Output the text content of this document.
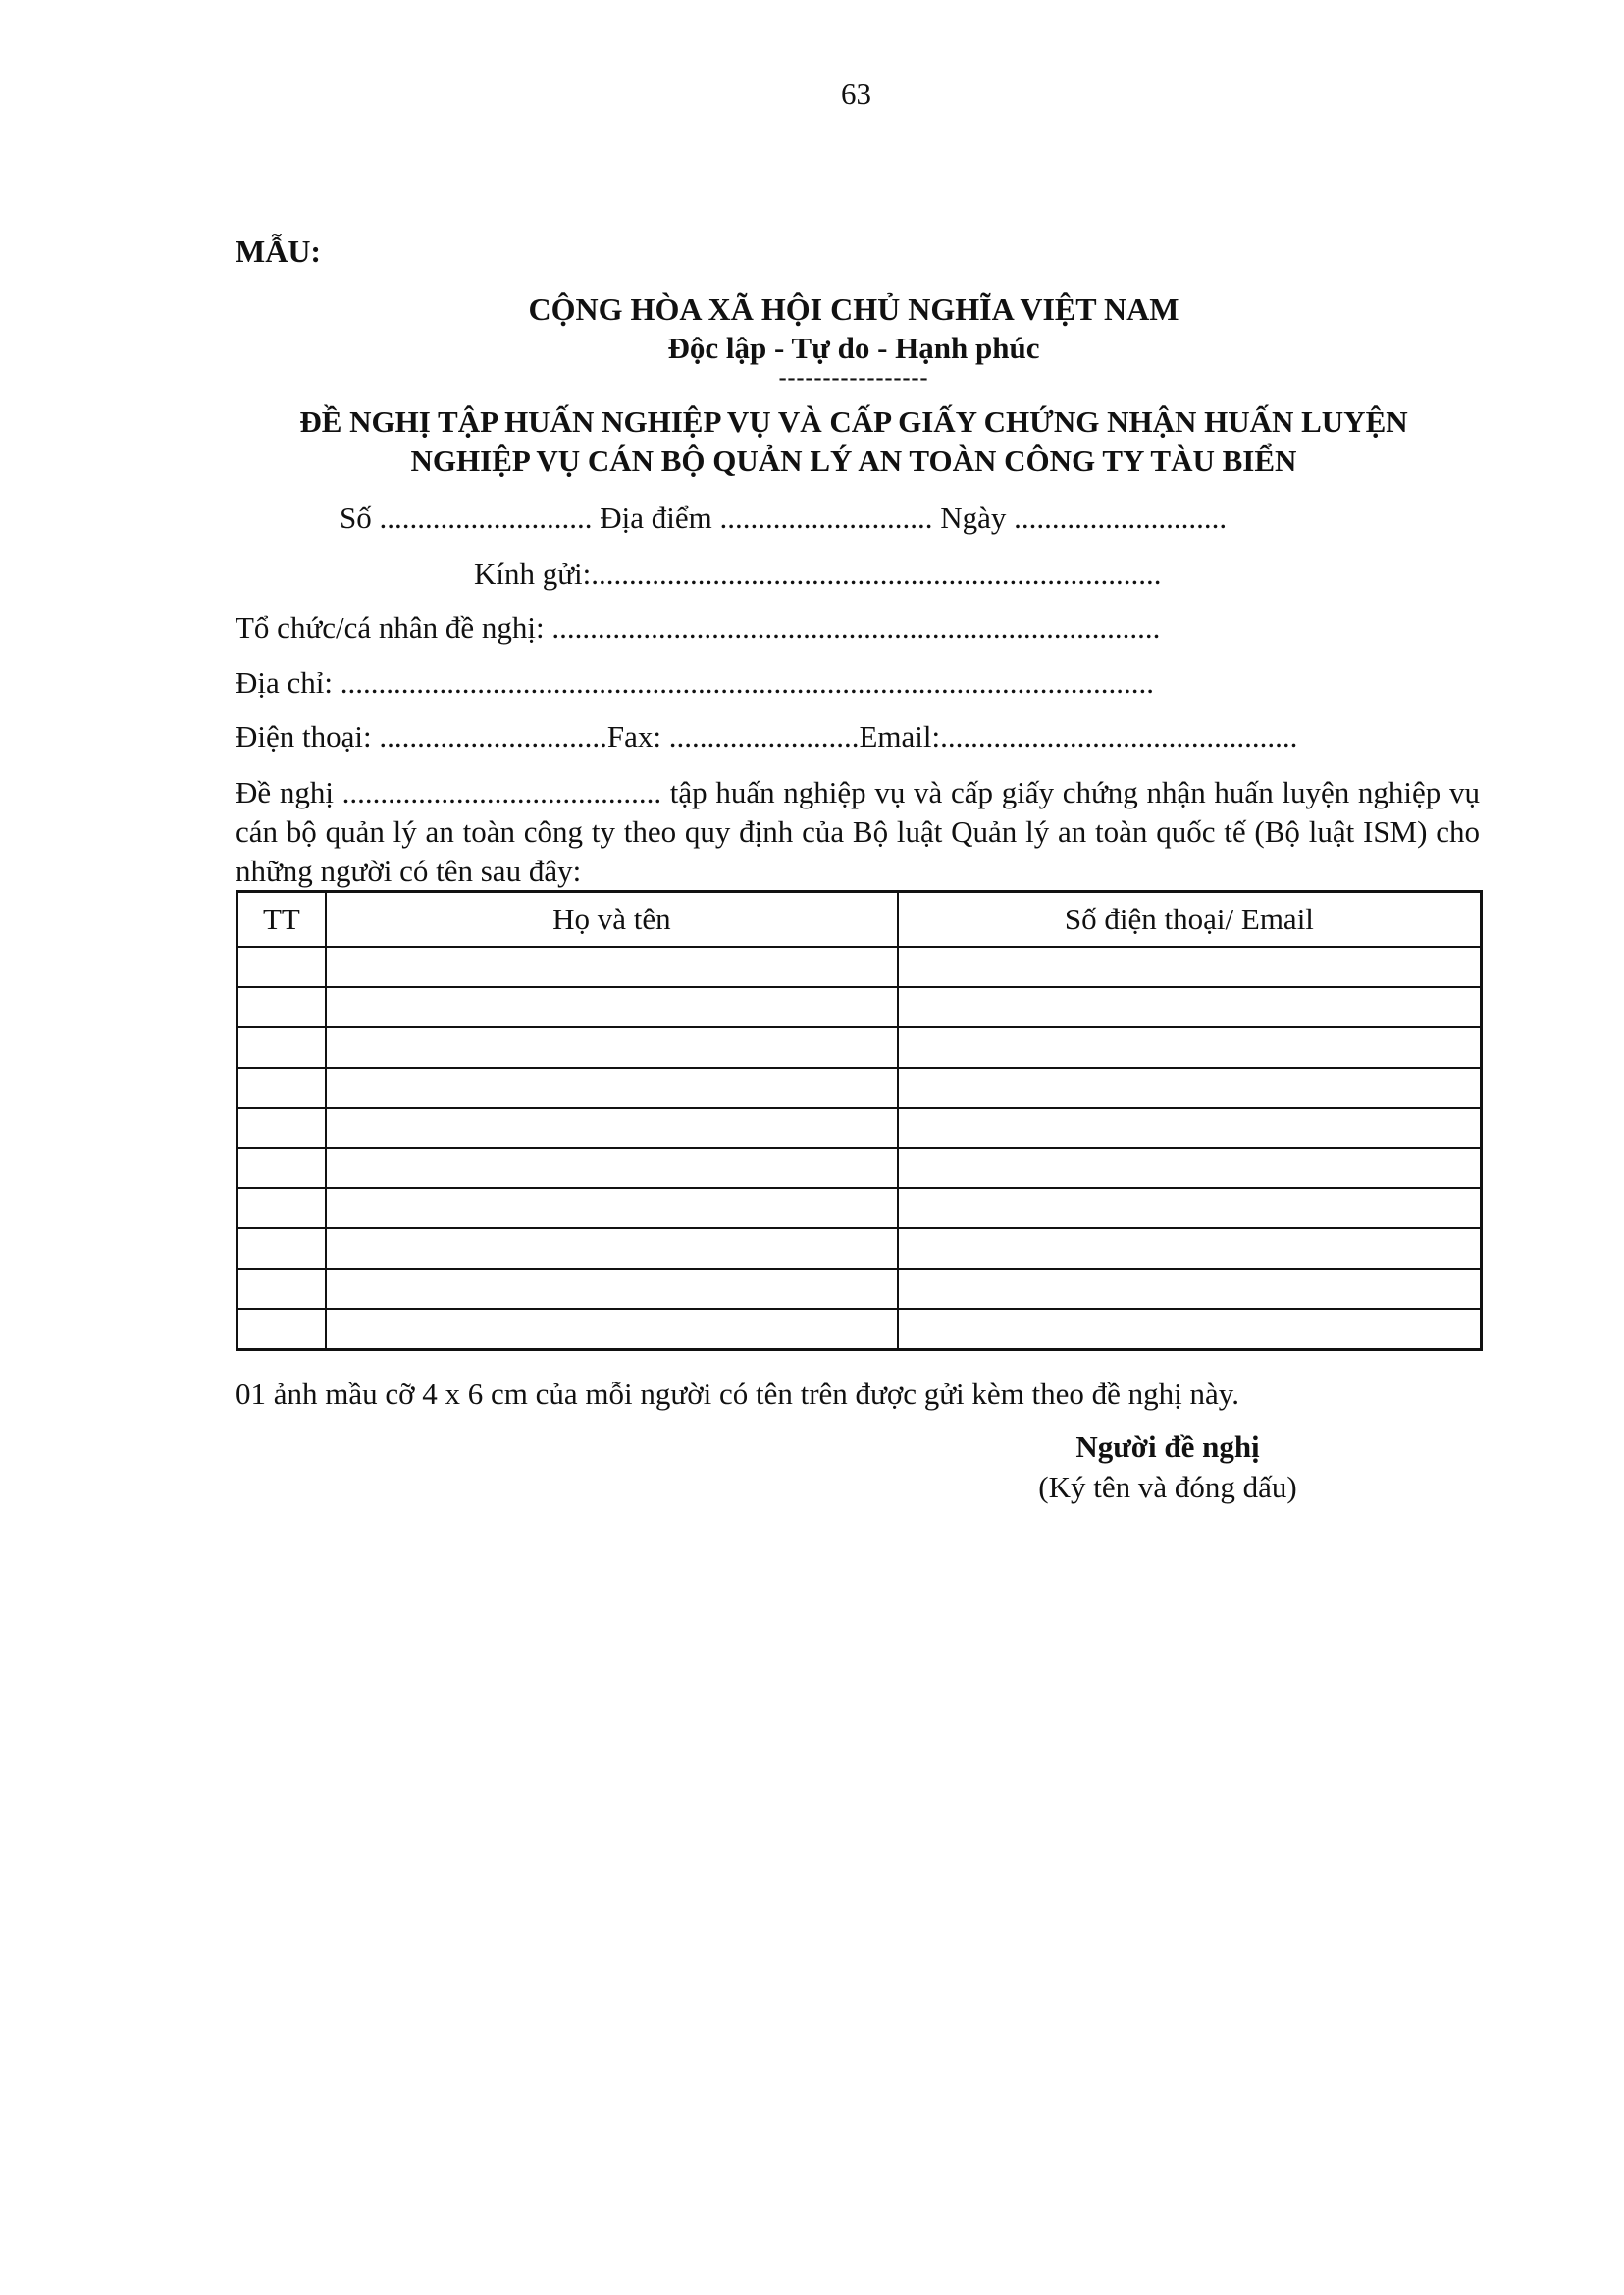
63
MẪU:
CỘNG HÒA XÃ HỘI CHỦ NGHĨA VIỆT NAM
Độc lập - Tự do - Hạnh phúc
-----------------
ĐỀ NGHỊ TẬP HUẤN NGHIỆP VỤ VÀ CẤP GIẤY CHỨNG NHẬN HUẤN LUYỆN
NGHIỆP VỤ CÁN BỘ QUẢN LÝ AN TOÀN CÔNG TY TÀU BIỂN
Số ............................ Địa điểm ............................ Ngày ............................
Kính gửi:...........................................................................
Tổ chức/cá nhân đề nghị: ................................................................................
Địa chỉ: ...........................................................................................................
Điện thoại: ..............................Fax: .........................Email:...............................................
Đề nghị .......................................... tập huấn nghiệp vụ và cấp giấy chứng nhận huấn luyện nghiệp vụ cán bộ quản lý an toàn công ty theo quy định của Bộ luật Quản lý an toàn quốc tế (Bộ luật ISM) cho những người có tên sau đây:
TT	Họ và tên	Số điện thoại/ Email

01 ảnh mầu cỡ 4 x 6 cm của mỗi người có tên trên được gửi kèm theo đề nghị này.
Người đề nghị
(Ký tên và đóng dấu)
